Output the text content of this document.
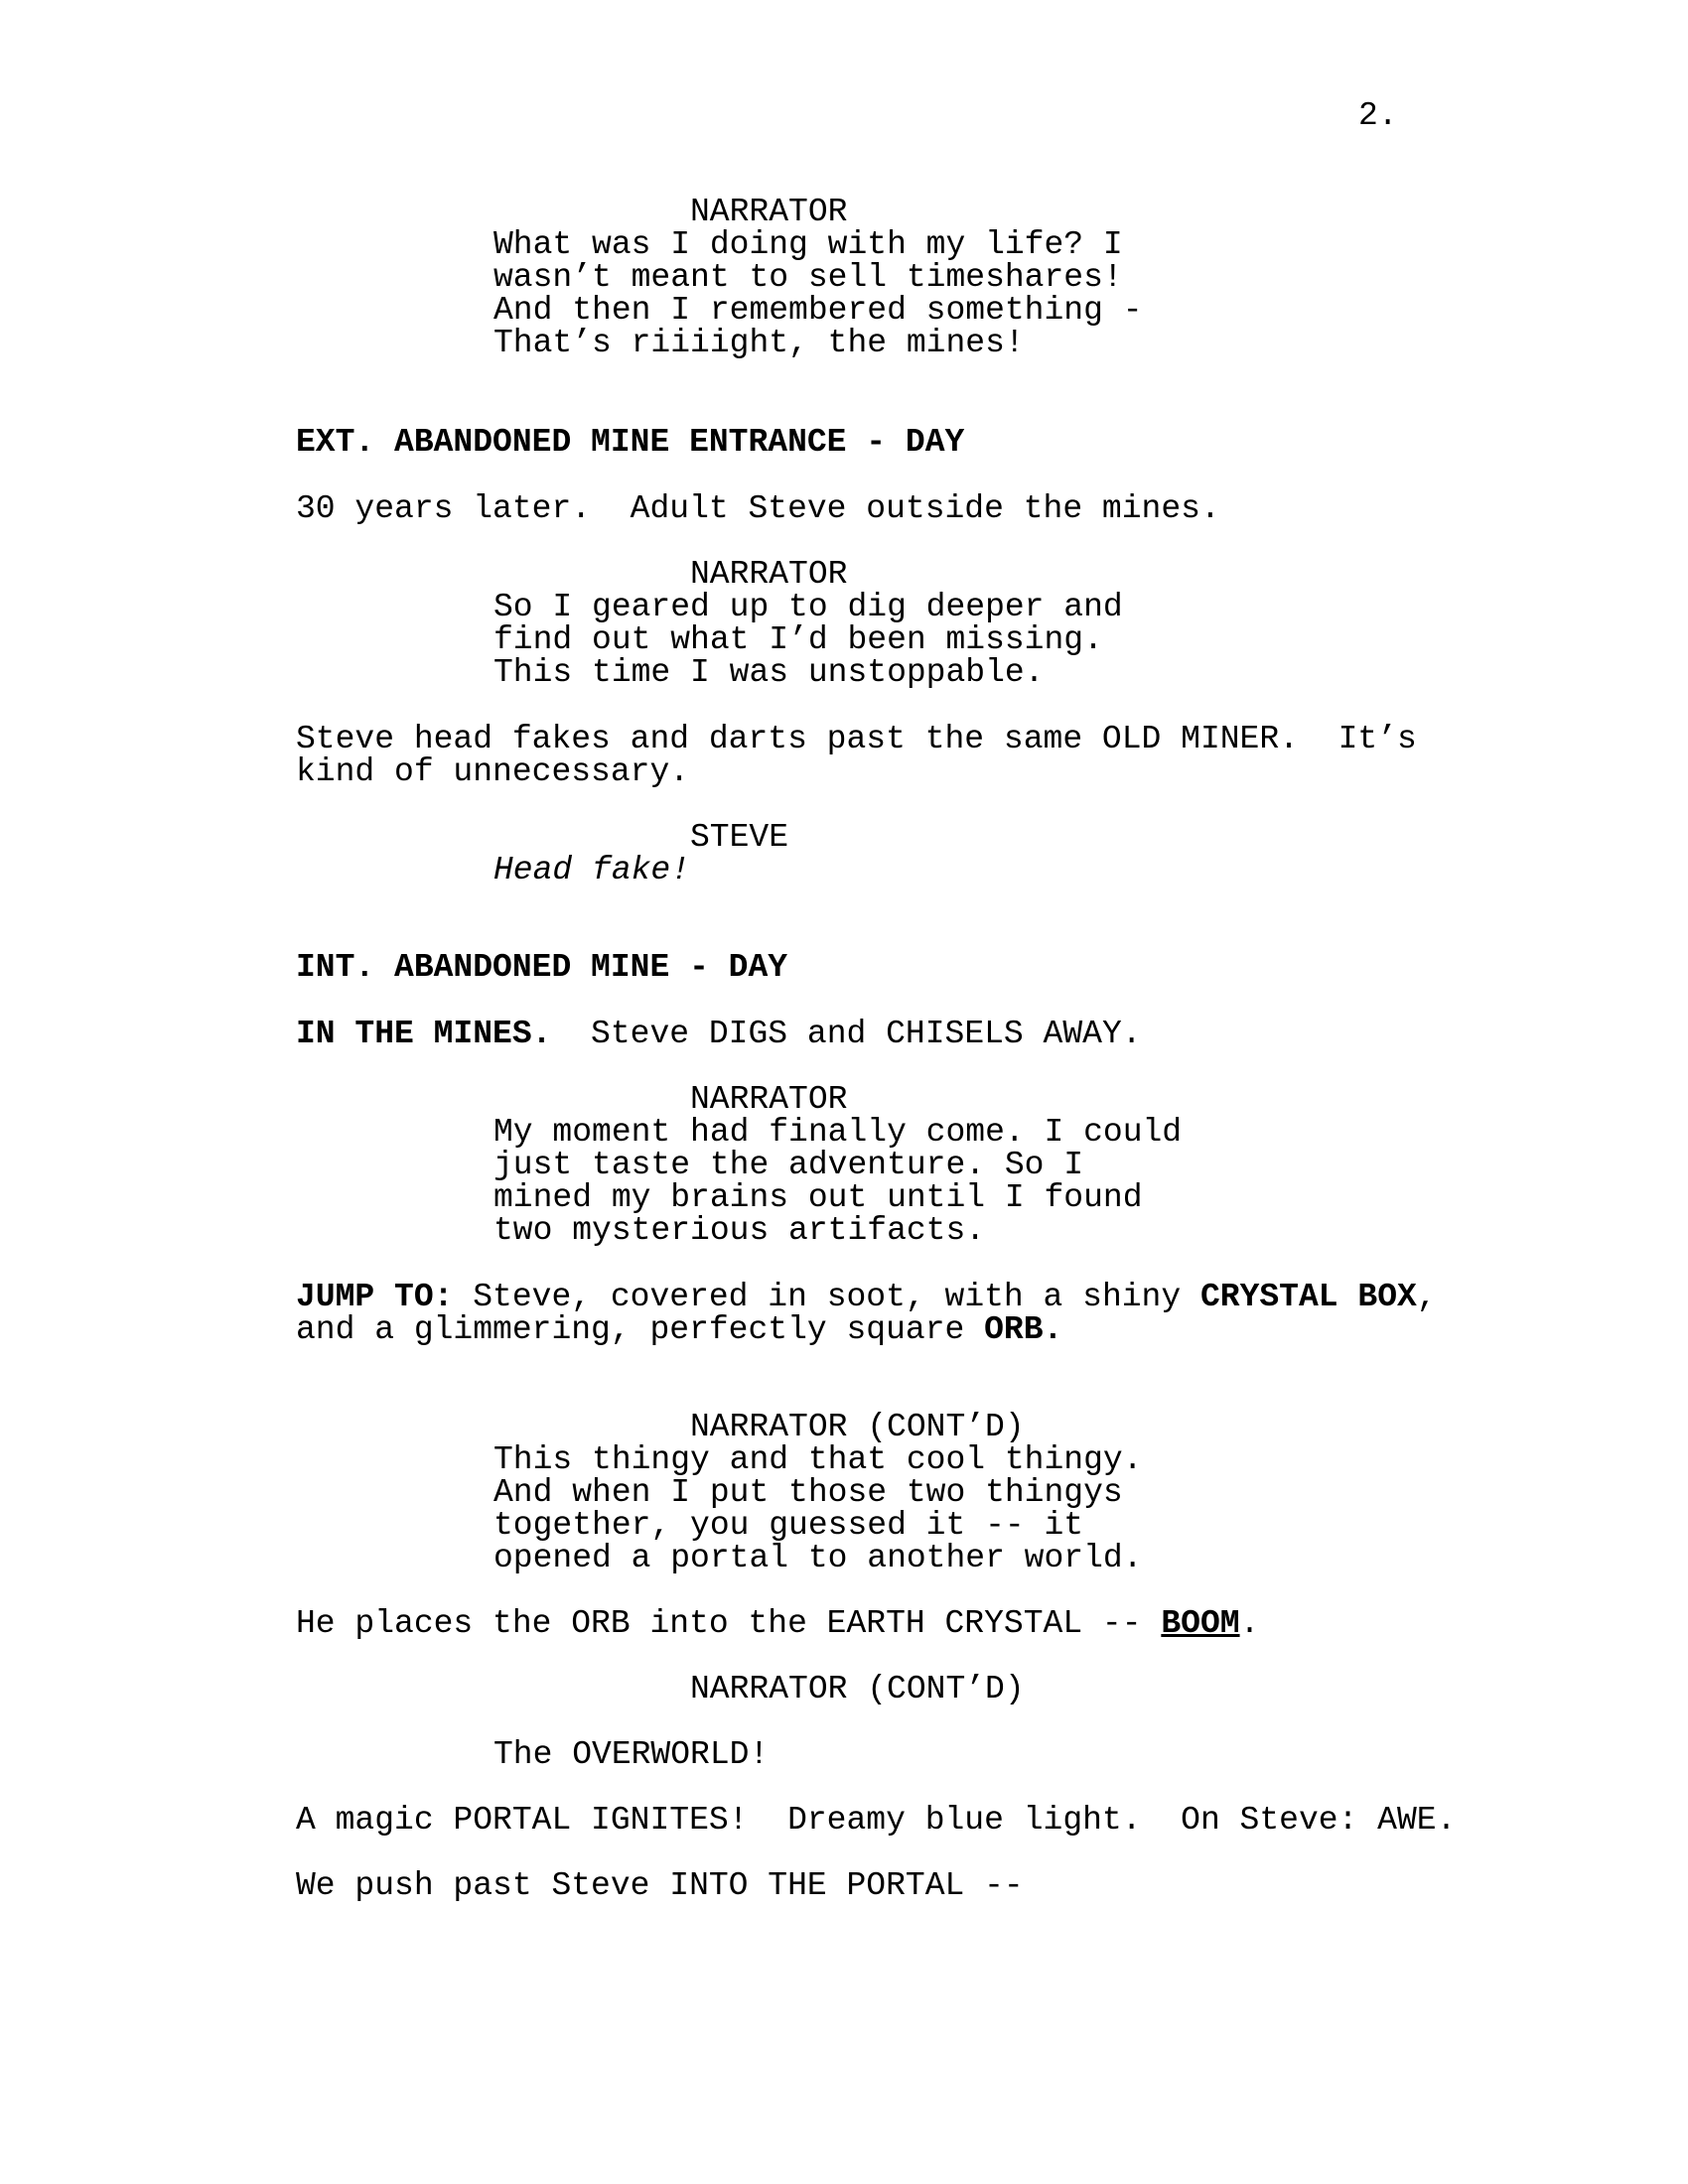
2.
NARRATOR
What was I doing with my life? I
wasn’t meant to sell timeshares!
And then I remembered something -
That’s riiiight, the mines!
EXT. ABANDONED MINE ENTRANCE - DAY
30 years later.  Adult Steve outside the mines.
NARRATOR
So I geared up to dig deeper and
find out what I’d been missing.
This time I was unstoppable.
Steve head fakes and darts past the same OLD MINER.  It’s
kind of unnecessary.
STEVE
Head fake!
INT. ABANDONED MINE - DAY
IN THE MINES.  Steve DIGS and CHISELS AWAY.
NARRATOR
My moment had finally come. I could
just taste the adventure. So I
mined my brains out until I found
two mysterious artifacts.
JUMP TO: Steve, covered in soot, with a shiny CRYSTAL BOX,
and a glimmering, perfectly square ORB.
NARRATOR (CONT’D)
This thingy and that cool thingy.
And when I put those two thingys
together, you guessed it -- it
opened a portal to another world.
He places the ORB into the EARTH CRYSTAL -- BOOM.
NARRATOR (CONT’D)
The OVERWORLD!
A magic PORTAL IGNITES!  Dreamy blue light.  On Steve: AWE.
We push past Steve INTO THE PORTAL --
